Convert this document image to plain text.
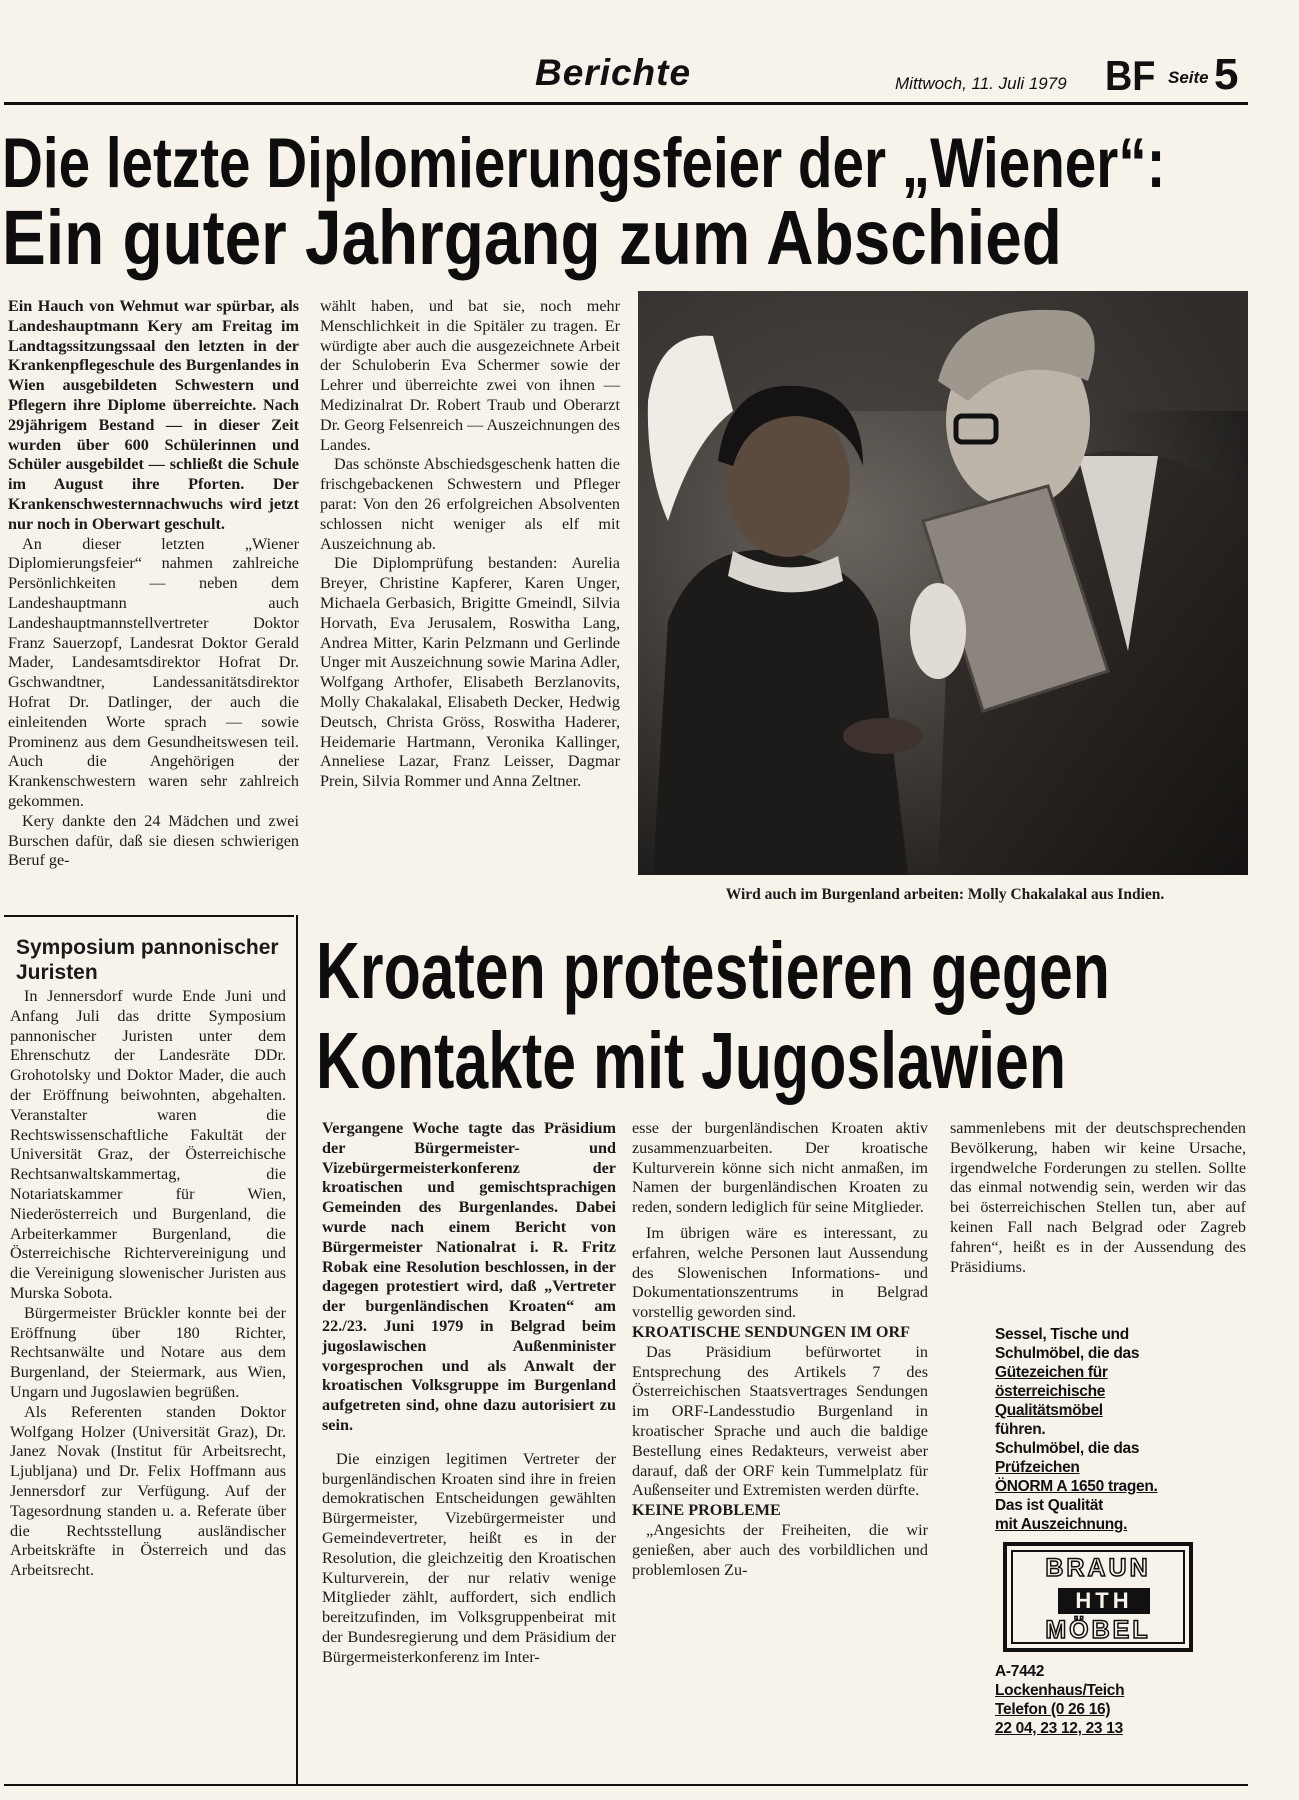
Berichte	Mittwoch, 11. Juli 1979 BF Seite 5
Die letzte Diplomierungsfeier der „Wiener“:
Ein guter Jahrgang zum Abschied

Ein Hauch von Wehmut war spürbar, als Landeshauptmann Kery am Freitag im Landtagssitzungssaal den letzten in der Krankenpflegeschule des Burgenlandes in Wien ausgebildeten Schwestern und Pflegern ihre Diplome überreichte. Nach 29jährigem Bestand — in dieser Zeit wurden über 600 Schülerinnen und Schüler ausgebildet — schließt die Schule im August ihre Pforten. Der Krankenschwesternnachwuchs wird jetzt nur noch in Oberwart geschult.

An dieser letzten „Wiener Diplomierungsfeier“ nahmen zahlreiche Persönlichkeiten — neben dem Landeshauptmann auch Landeshauptmannstellvertreter Doktor Franz Sauerzopf, Landesrat Doktor Gerald Mader, Landesamtsdirektor Hofrat Dr. Gschwandtner, Landessanitätsdirektor Hofrat Dr. Datlinger, der auch die einleitenden Worte sprach — sowie Prominenz aus dem Gesundheitswesen teil. Auch die Angehörigen der Krankenschwestern waren sehr zahlreich gekommen.

Kery dankte den 24 Mädchen und zwei Burschen dafür, daß sie diesen schwierigen Beruf ge-

wählt haben, und bat sie, noch mehr Menschlichkeit in die Spitäler zu tragen. Er würdigte aber auch die ausgezeichnete Arbeit der Schuloberin Eva Schermer sowie der Lehrer und überreichte zwei von ihnen — Medizinalrat Dr. Robert Traub und Oberarzt Dr. Georg Felsenreich — Auszeichnungen des Landes.

Das schönste Abschiedsgeschenk hatten die frischgebackenen Schwestern und Pfleger parat: Von den 26 erfolgreichen Absolventen schlossen nicht weniger als elf mit Auszeichnung ab.

Die Diplomprüfung bestanden: Aurelia Breyer, Christine Kapferer, Karen Unger, Michaela Gerbasich, Brigitte Gmeindl, Silvia Horvath, Eva Jerusalem, Roswitha Lang, Andrea Mitter, Karin Pelzmann und Gerlinde Unger mit Auszeichnung sowie Marina Adler, Wolfgang Arthofer, Elisabeth Berzlanovits, Molly Chakalakal, Elisabeth Decker, Hedwig Deutsch, Christa Gröss, Roswitha Haderer, Heidemarie Hartmann, Veronika Kallinger, Anneliese Lazar, Franz Leisser, Dagmar Prein, Silvia Rommer und Anna Zeltner.

Wird auch im Burgenland arbeiten: Molly Chakalakal aus Indien.
Symposium pannonischer Juristen

In Jennersdorf wurde Ende Juni und Anfang Juli das dritte Symposium pannonischer Juristen unter dem Ehrenschutz der Landesräte DDr. Grohotolsky und Doktor Mader, die auch der Eröffnung beiwohnten, abgehalten. Veranstalter waren die Rechtswissenschaftliche Fakultät der Universität Graz, der Österreichische Rechtsanwaltskammertag, die Notariatskammer für Wien, Niederösterreich und Burgenland, die Arbeiterkammer Burgenland, die Österreichische Richtervereinigung und die Vereinigung slowenischer Juristen aus Murska Sobota.

Bürgermeister Brückler konnte bei der Eröffnung über 180 Richter, Rechtsanwälte und Notare aus dem Burgenland, der Steiermark, aus Wien, Ungarn und Jugoslawien begrüßen.

Als Referenten standen Doktor Wolfgang Holzer (Universität Graz), Dr. Janez Novak (Institut für Arbeitsrecht, Ljubljana) und Dr. Felix Hoffmann aus Jennersdorf zur Verfügung. Auf der Tagesordnung standen u. a. Referate über die Rechtsstellung ausländischer Arbeitskräfte in Österreich und das Arbeitsrecht.

Kroaten protestieren gegen
Kontakte mit Jugoslawien

Vergangene Woche tagte das Präsidium der Bürgermeister- und Vizebürgermeisterkonferenz der kroatischen und gemischtsprachigen Gemeinden des Burgenlandes. Dabei wurde nach einem Bericht von Bürgermeister Nationalrat i. R. Fritz Robak eine Resolution beschlossen, in der dagegen protestiert wird, daß „Vertreter der burgenländischen Kroaten“ am 22./23. Juni 1979 in Belgrad beim jugoslawischen Außenminister vorgesprochen und als Anwalt der kroatischen Volksgruppe im Burgenland aufgetreten sind, ohne dazu autorisiert zu sein.

Die einzigen legitimen Vertreter der burgenländischen Kroaten sind ihre in freien demokratischen Entscheidungen gewählten Bürgermeister, Vizebürgermeister und Gemeindevertreter, heißt es in der Resolution, die gleichzeitig den Kroatischen Kulturverein, der nur relativ wenige Mitglieder zählt, auffordert, sich endlich bereitzufinden, im Volksgruppenbeirat mit der Bundesregierung und dem Präsidium der Bürgermeisterkonferenz im Inter-

esse der burgenländischen Kroaten aktiv zusammenzuarbeiten. Der kroatische Kulturverein könne sich nicht anmaßen, im Namen der burgenländischen Kroaten zu reden, sondern lediglich für seine Mitglieder.

Im übrigen wäre es interessant, zu erfahren, welche Personen laut Aussendung des Slowenischen Informations- und Dokumentationszentrums in Belgrad vorstellig geworden sind.

KROATISCHE SENDUNGEN IM ORF

Das Präsidium befürwortet in Entsprechung des Artikels 7 des Österreichischen Staatsvertrages Sendungen im ORF-Landesstudio Burgenland in kroatischer Sprache und auch die baldige Bestellung eines Redakteurs, verweist aber darauf, daß der ORF kein Tummelplatz für Außenseiter und Extremisten werden dürfte.

KEINE PROBLEME

„Angesichts der Freiheiten, die wir genießen, aber auch des vorbildlichen und problemlosen Zu-

sammenlebens mit der deutschsprechenden Bevölkerung, haben wir keine Ursache, irgendwelche Forderungen zu stellen. Sollte das einmal notwendig sein, werden wir das bei österreichischen Stellen tun, aber auf keinen Fall nach Belgrad oder Zagreb fahren“, heißt es in der Aussendung des Präsidiums.

Sessel, Tische und
Schulmöbel, die das
Gütezeichen für
österreichische
Qualitätsmöbel
führen.
Schulmöbel, die das
Prüfzeichen
ÖNORM A 1650 tragen.
Das ist Qualität
mit Auszeichnung.
BRAUN
HTH
MÖBEL
A-7442
Lockenhaus/Teich
Telefon (0 26 16)
22 04, 23 12, 23 13
